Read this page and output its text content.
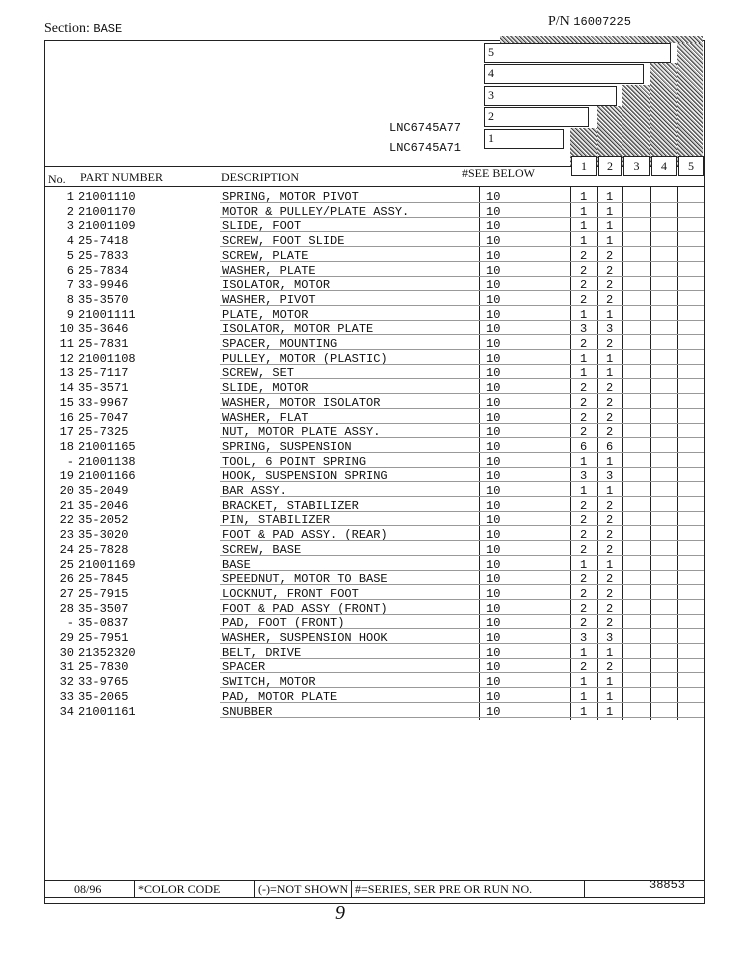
Section: BASE	P/N 16007225
5
4
3
2
1
LNC6745A77
LNC6745A71
No. PART NUMBER	DESCRIPTION	#SEE BELOW	1	2	3	4	5
1 21001110	SPRING, MOTOR PIVOT	10	1 1
2 21001170	MOTOR & PULLEY/PLATE ASSY.	10	1 1
3 21001109	SLIDE, FOOT	10	1 1
4 25-7418	SCREW, FOOT SLIDE	10	1 1
5 25-7833	SCREW, PLATE	10	2 2
6 25-7834	WASHER, PLATE	10	2 2
7 33-9946	ISOLATOR, MOTOR	10	2 2
8 35-3570	WASHER, PIVOT	10	2 2
9 21001111	PLATE, MOTOR	10	1 1
10 35-3646	ISOLATOR, MOTOR PLATE	10	3 3
11 25-7831	SPACER, MOUNTING	10	2 2
12 21001108	PULLEY, MOTOR (PLASTIC)	10	1 1
13 25-7117	SCREW, SET	10	1 1
14 35-3571	SLIDE, MOTOR	10	2 2
15 33-9967	WASHER, MOTOR ISOLATOR	10	2 2
16 25-7047	WASHER, FLAT	10	2 2
17 25-7325	NUT, MOTOR PLATE ASSY.	10	2 2
18 21001165	SPRING, SUSPENSION	10	6 6
- 21001138	TOOL, 6 POINT SPRING	10	1 1
19 21001166	HOOK, SUSPENSION SPRING	10	3 3
20 35-2049	BAR ASSY.	10	1 1
21 35-2046	BRACKET, STABILIZER	10	2 2
22 35-2052	PIN, STABILIZER	10	2 2
23 35-3020	FOOT & PAD ASSY. (REAR)	10	2 2
24 25-7828	SCREW, BASE	10	2 2
25 21001169	BASE	10	1 1
26 25-7845	SPEEDNUT, MOTOR TO BASE	10	2 2
27 25-7915	LOCKNUT, FRONT FOOT	10	2 2
28 35-3507	FOOT & PAD ASSY (FRONT)	10	2 2
- 35-0837	PAD, FOOT (FRONT)	10	2 2
29 25-7951	WASHER, SUSPENSION HOOK	10	3 3
30 21352320	BELT, DRIVE	10	1 1
31 25-7830	SPACER	10	2 2
32 33-9765	SWITCH, MOTOR	10	1 1
33 35-2065	PAD, MOTOR PLATE	10	1 1
34 21001161	SNUBBER	10	1 1
08/96	*COLOR CODE	(-)=NOT SHOWN #=SERIES, SER PRE OR RUN NO.	38853
9
